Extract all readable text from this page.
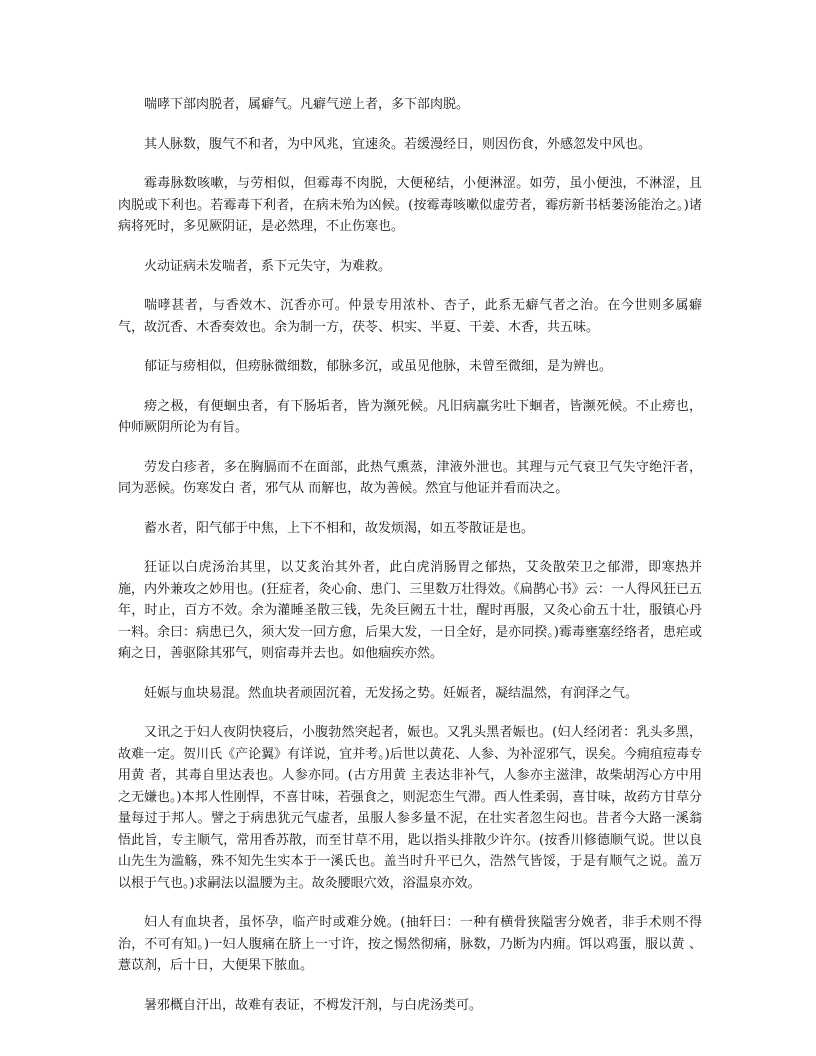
喘哮下部肉脱者，属癖气。凡癖气逆上者，多下部肉脱。

其人脉数，腹气不和者，为中风兆，宜速灸。若缓漫经日，则因伤食，外感忽发中风也。

霉毒脉数咳嗽，与劳相似，但霉毒不肉脱，大便秘结，小便淋涩。如劳，虽小便浊，不淋涩，且肉脱或下利也。若霉毒下利者，在病未殆为凶候。(按霉毒咳嗽似虚劳者，霉疠新书栝蒌汤能治之。)诸病将死时，多见厥阴证，是必然理，不止伤寒也。

火动证病未发喘者，系下元失守，为难救。

喘哮甚者，与香效木、沉香亦可。仲景专用浓朴、杏子，此系无癖气者之治。在今世则多属癖气，故沉香、木香奏效也。余为制一方，茯苓、枳实、半夏、干姜、木香，共五味。

郁证与痨相似，但痨脉微细数，郁脉多沉，或虽见他脉，未曾至微细，是为辨也。

痨之极，有便蛔虫者，有下肠垢者，皆为濒死候。凡旧病羸劣吐下蛔者，皆濒死候。不止痨也，仲师厥阴所论为有旨。

劳发白疹者，多在胸膈而不在面部，此热气熏蒸，津液外泄也。其理与元气衰卫气失守绝汗者，同为恶候。伤寒发白 者，邪气从 而解也，故为善候。然宜与他证并看而决之。

蓄水者，阳气郁于中焦，上下不相和，故发烦渴，如五苓散证是也。

狂证以白虎汤治其里，以艾炙治其外者，此白虎消肠胃之郁热，艾灸散荣卫之郁滞，即寒热并施，内外兼攻之妙用也。(狂症者，灸心俞、患门、三里数万壮得效。《扁鹊心书》云：一人得风狂已五年，时止，百方不效。余为灌睡圣散三钱，先灸巨阙五十壮，醒时再服，又灸心俞五十壮，服镇心丹一料。余曰：病患已久，须大发一回方愈，后果大发，一日全好，是亦同揆。)霉毒壅塞经络者，患疟或痢之日，善驱除其邪气，则宿毒并去也。如他痼疾亦然。

妊娠与血块易混。然血块者顽固沉着，无发扬之势。妊娠者，凝结温然，有润泽之气。

又讯之于妇人夜阴快寝后，小腹勃然突起者，娠也。又乳头黑者娠也。(妇人经闭者：乳头多黑，故难一定。贺川氏《产论翼》有详说，宜并考。)后世以黄花、人参、为补涩邪气，误矣。今痈疽痘毒专用黄 者，其毒自里达表也。人参亦同。(古方用黄 主表达非补气，人参亦主滋津，故柴胡泻心方中用之无嫌也。)本邦人性刚悍，不喜甘味，若强食之，则泥恋生气滞。西人性柔弱，喜甘味，故药方甘草分量每过于邦人。譬之于病患犹元气虚者，虽服人参多量不泥，在壮实者忽生闷也。昔者今大路一溪翁悟此旨，专主顺气，常用香苏散，而至甘草不用，匙以指头排散少许尔。(按香川修德顺气说。世以良山先生为滥觞，殊不知先生实本于一溪氏也。盖当时升平已久，浩然气皆馁，于是有顺气之说。盖万 以根于气也。)求嗣法以温腰为主。故灸腰眼穴效，浴温泉亦效。

妇人有血块者，虽怀孕，临产时或难分娩。(抽轩曰：一种有横骨狭隘害分娩者，非手术则不得治，不可有知。)一妇人腹痛在脐上一寸许，按之惕然彻痛，脉数，乃断为内痈。饵以鸡蛋，服以黄 、薏苡剂，后十日，大便果下脓血。

暑邪概自汗出，故难有表证，不栂发汗剂，与白虎汤类可。
